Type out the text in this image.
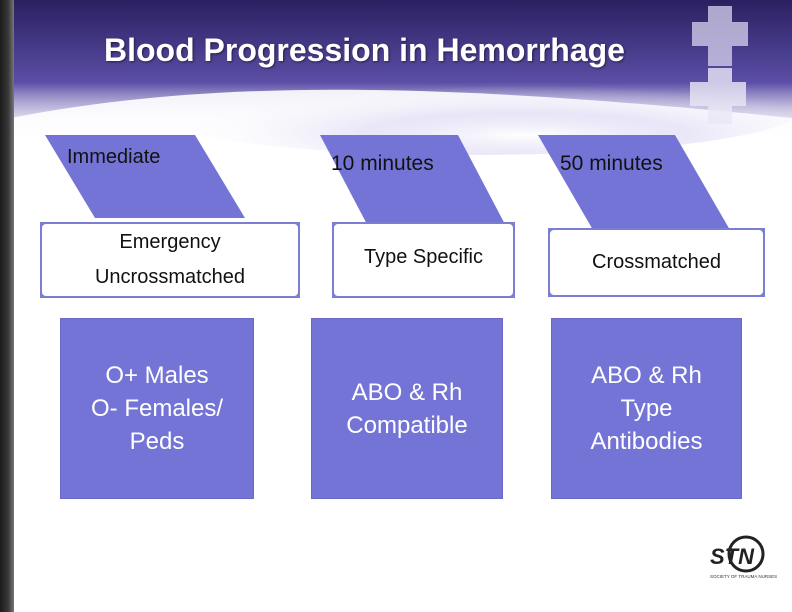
Blood Progression in Hemorrhage
Immediate	10 minutes	50 minutes
Emergency
Uncrossmatched
Type Specific	Crossmatched
O+ Males
O- Females/
Peds
ABO & Rh
Compatible
ABO & Rh
Type
Antibodies
STN
SOCIETY OF TRAUMA NURSES
